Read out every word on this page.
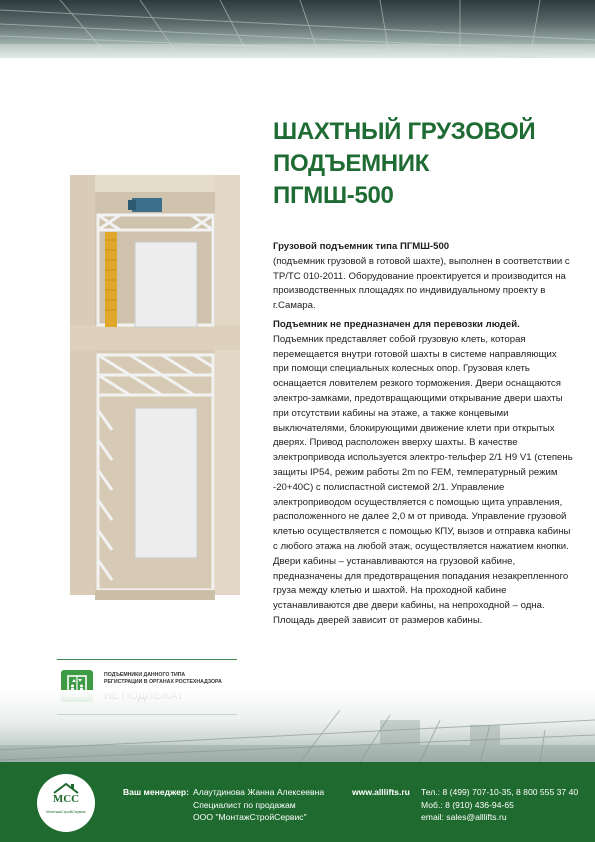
ШАХТНЫЙ ГРУЗОВОЙ
ПОДЪЕМНИК
ПГМШ-500

Грузовой подъемник типа ПГМШ-500
(подъемник грузовой в готовой шахте), выполнен в соответствии с ТР/ТС 010-2011. Оборудование проектируется и производится на производственных площадях по индивидуальному проекту в г.Самара.

Подъемник не предназначен для перевозки людей.
Подъемник представляет собой грузовую клеть, которая перемещается внутри готовой шахты в системе направляющих при помощи специальных колесных опор. Грузовая клеть оснащается ловителем резкого торможения. Двери оснащаются электро-замками, предотвращающими открывание двери шахты при отсутствии кабины на этаже, а также концевыми выключателями, блокирующими движение клети при открытых дверях. Привод расположен вверху шахты. В качестве электропривода используется электро-тельфер 2/1 H9 V1 (степень защиты IP54, режим работы 2m по FEM, температурный режим -20+40С) с полиспастной системой 2/1. Управление электроприводом осуществляется с помощью щита управления, расположенного не далее 2,0 м от привода. Управление грузовой клетью осуществляется с помощью КПУ, вызов и отправка кабины с любого этажа на любой этаж, осуществляется нажатием кнопки. Двери кабины – устанавливаются на грузовой кабине, предназначены для предотвращения попадания незакрепленного груза между клетью и шахтой. На проходной кабине устанавливаются две двери кабины, на непроходной – одна. Площадь дверей зависит от размеров кабины.

ПОДЪЕМНИКИ ДАННОГО ТИПА
РЕГИСТРАЦИИ В ОРГАНАХ РОСТЕХНАДЗОРА
МСС
МонтажСтройСервис
Ваш менеджер: Алаутдинова Жанна Алексеевна
Специалист по продажам
ООО "МонтажСтройСервис"
www.alllifts.ru Тел.: 8 (499) 707-10-35, 8 800 555 37 40
Моб.: 8 (910) 436-94-65
email: sales@alllifts.ru
